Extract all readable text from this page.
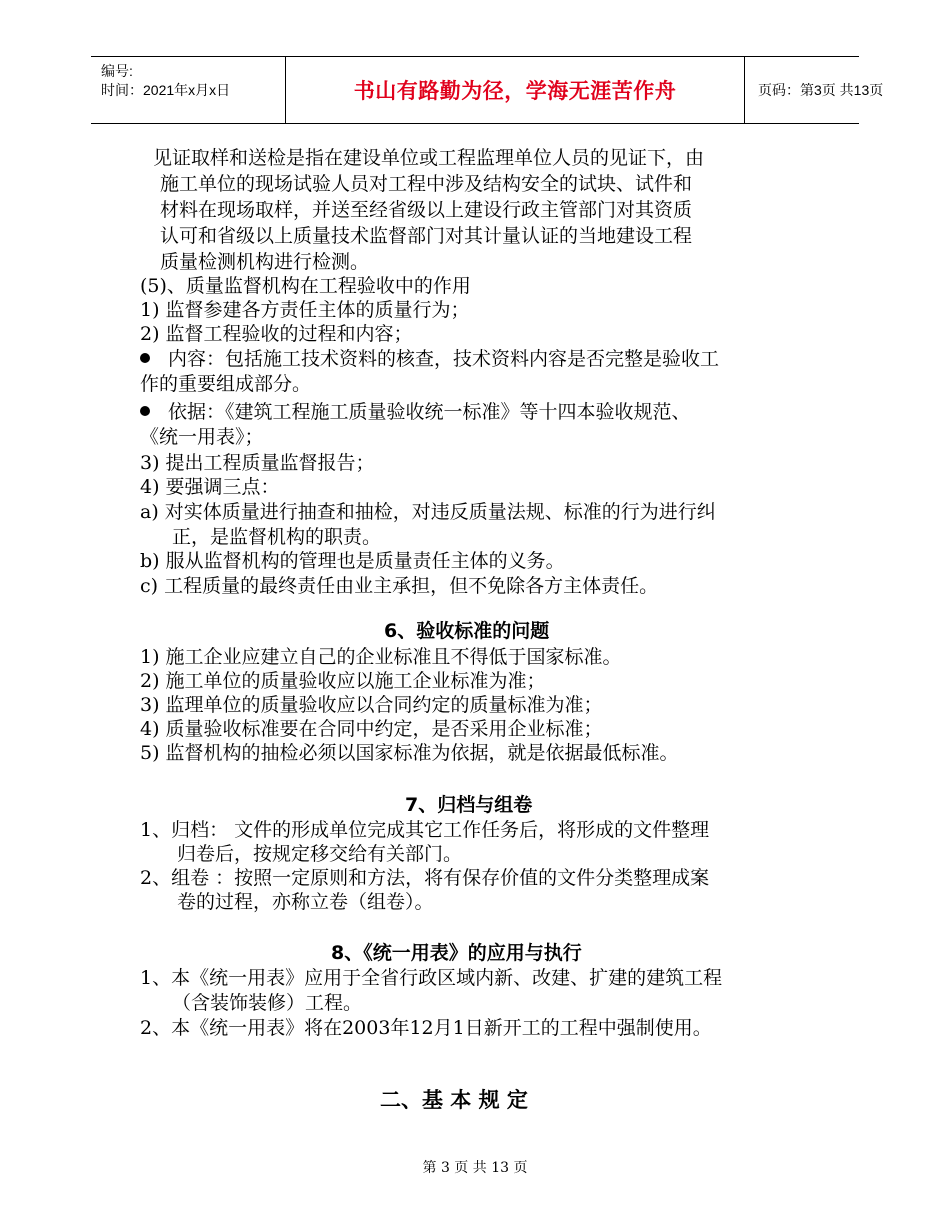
编号:
时间：2021年x月x日	书山有路勤为径，学海无涯苦作舟	页码：第3页 共13页
见证取样和送检是指在建设单位或工程监理单位人员的见证下，由
施工单位的现场试验人员对工程中涉及结构安全的试块、试件和
材料在现场取样，并送至经省级以上建设行政主管部门对其资质
认可和省级以上质量技术监督部门对其计量认证的当地建设工程
质量检测机构进行检测。
(5)、质量监督机构在工程验收中的作用
1) 监督参建各方责任主体的质量行为；
2) 监督工程验收的过程和内容；
内容：包括施工技术资料的核查，技术资料内容是否完整是验收工
作的重要组成部分。
依据：《建筑工程施工质量验收统一标准》等十四本验收规范、
《统一用表》；
3) 提出工程质量监督报告；
4) 要强调三点：
a) 对实体质量进行抽查和抽检，对违反质量法规、标准的行为进行纠
正，是监督机构的职责。
b) 服从监督机构的管理也是质量责任主体的义务。
c) 工程质量的最终责任由业主承担，但不免除各方主体责任。
6、验收标准的问题
1) 施工企业应建立自己的企业标准且不得低于国家标准。
2) 施工单位的质量验收应以施工企业标准为准；
3) 监理单位的质量验收应以合同约定的质量标准为准；
4) 质量验收标准要在合同中约定，是否采用企业标准；
5) 监督机构的抽检必须以国家标准为依据，就是依据最低标准。
7、归档与组卷
1、归档： 文件的形成单位完成其它工作任务后，将形成的文件整理
归卷后，按规定移交给有关部门。
2、组卷 ：按照一定原则和方法，将有保存价值的文件分类整理成案
卷的过程，亦称立卷（组卷）。
8、《统一用表》的应用与执行
1、本《统一用表》应用于全省行政区域内新、改建、扩建的建筑工程
（含装饰装修）工程。
2、本《统一用表》将在2003年12月1日新开工的工程中强制使用。
二、基 本 规 定
第 3 页 共 13 页
